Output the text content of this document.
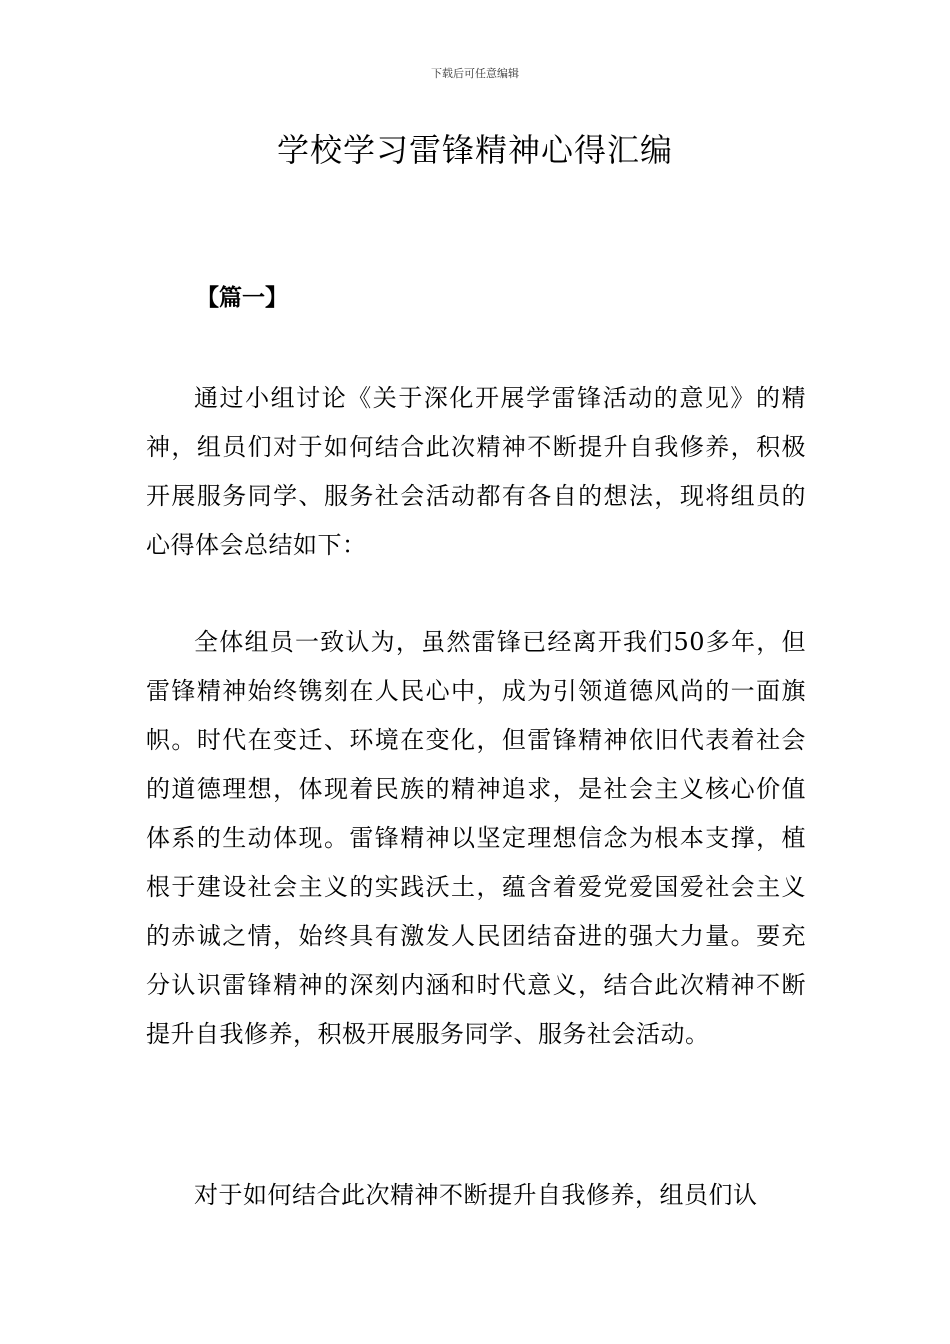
下载后可任意编辑
学校学习雷锋精神心得汇编
【篇一】

通过小组讨论《关于深化开展学雷锋活动的意见》的精神，组员们对于如何结合此次精神不断提升自我修养，积极开展服务同学、服务社会活动都有各自的想法，现将组员的心得体会总结如下：

全体组员一致认为，虽然雷锋已经离开我们50多年，但雷锋精神始终镌刻在人民心中，成为引领道德风尚的一面旗帜。时代在变迁、环境在变化，但雷锋精神依旧代表着社会的道德理想，体现着民族的精神追求，是社会主义核心价值体系的生动体现。雷锋精神以坚定理想信念为根本支撑，植根于建设社会主义的实践沃土，蕴含着爱党爱国爱社会主义的赤诚之情，始终具有激发人民团结奋进的强大力量。要充分认识雷锋精神的深刻内涵和时代意义，结合此次精神不断提升自我修养，积极开展服务同学、服务社会活动。

对于如何结合此次精神不断提升自我修养，组员们认
